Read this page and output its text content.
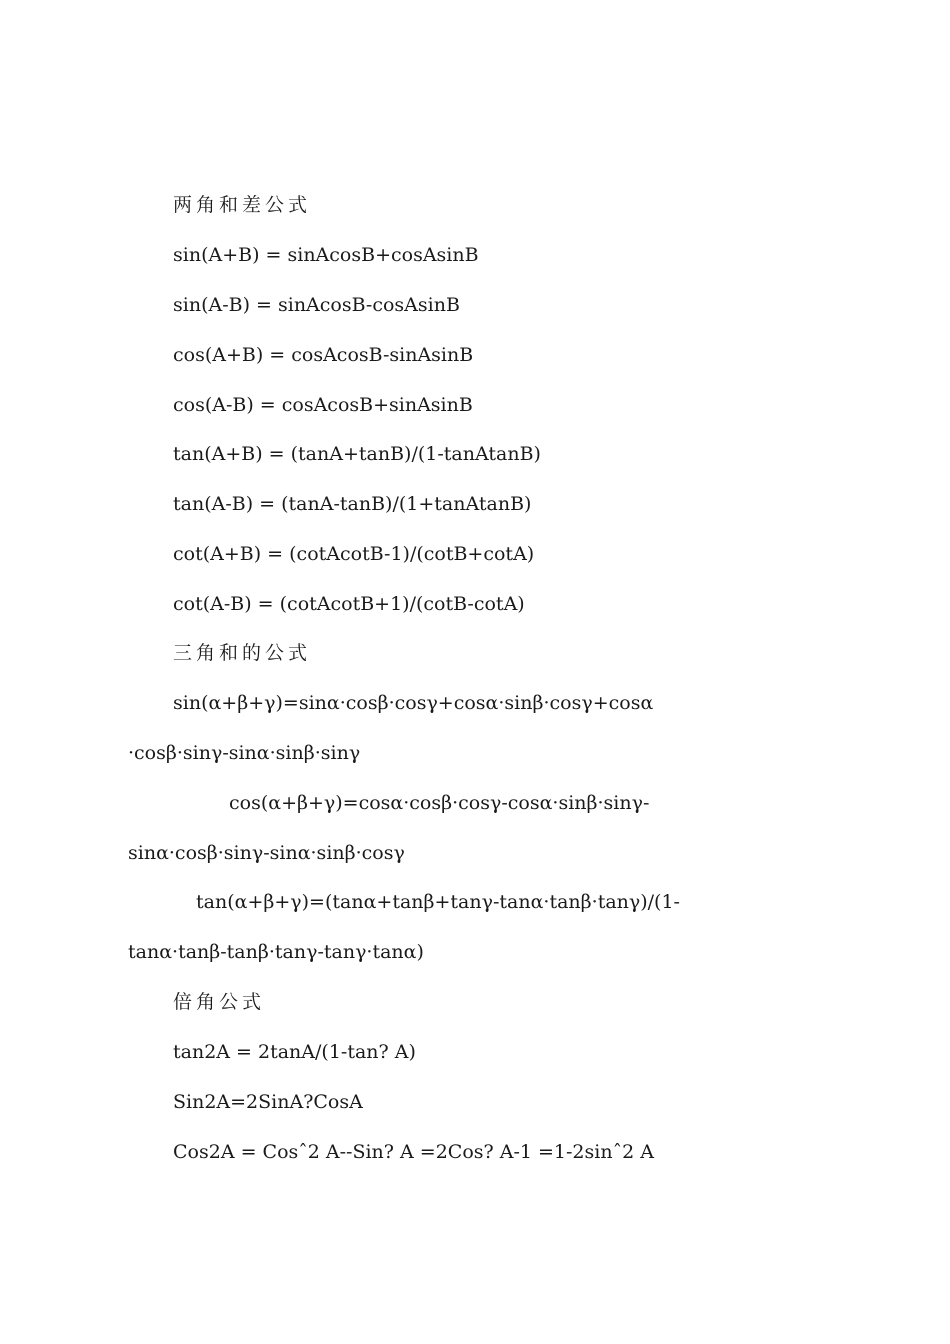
两角和差公式
sin(A+B) = sinAcosB+cosAsinB
sin(A-B) = sinAcosB-cosAsinB
cos(A+B) = cosAcosB-sinAsinB
cos(A-B) = cosAcosB+sinAsinB
tan(A+B) = (tanA+tanB)/(1-tanAtanB)
tan(A-B) = (tanA-tanB)/(1+tanAtanB)
cot(A+B) = (cotAcotB-1)/(cotB+cotA)
cot(A-B) = (cotAcotB+1)/(cotB-cotA)
三角和的公式
sin(α+β+γ)=sinα·cosβ·cosγ+cosα·sinβ·cosγ+cosα
·cosβ·sinγ-sinα·sinβ·sinγ
cos(α+β+γ)=cosα·cosβ·cosγ-cosα·sinβ·sinγ-
sinα·cosβ·sinγ-sinα·sinβ·cosγ
tan(α+β+γ)=(tanα+tanβ+tanγ-tanα·tanβ·tanγ)/(1-
tanα·tanβ-tanβ·tanγ-tanγ·tanα)
倍角公式
tan2A = 2tanA/(1-tan? A)
Sin2A=2SinA?CosA
Cos2A = Cosˆ2 A--Sin? A =2Cos? A-1 =1-2sinˆ2 A
